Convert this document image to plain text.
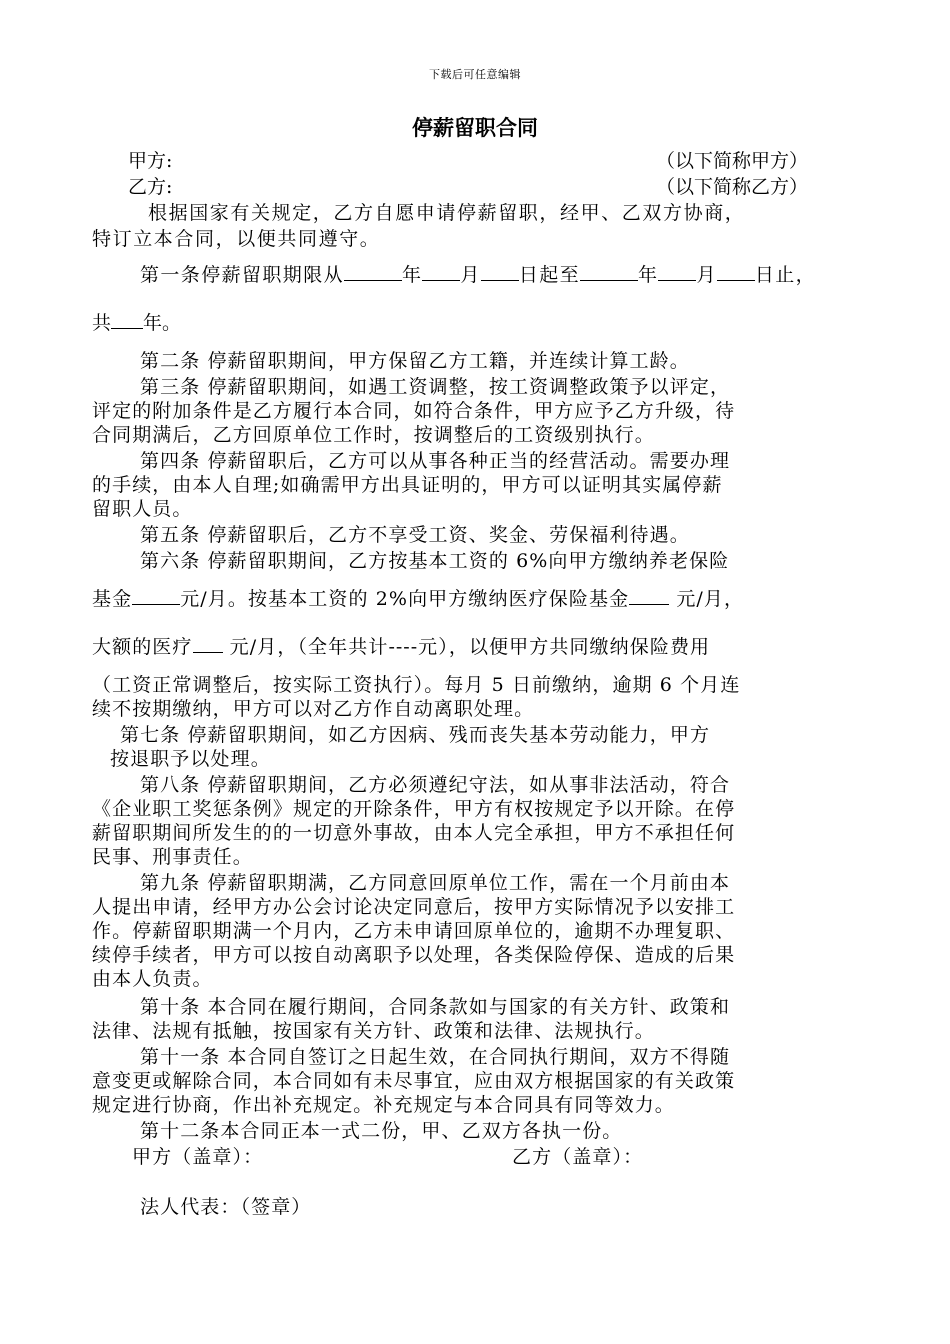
下载后可任意编辑
停薪留职合同
甲方:	（以下简称甲方）
乙方:	（以下简称乙方）
根据国家有关规定，乙方自愿申请停薪留职，经甲、乙双方协商，
特订立本合同，以便共同遵守。
第一条停薪留职期限从	年 月 日起至	年 月 日止，
共 年。
第二条 停薪留职期间，甲方保留乙方工籍，并连续计算工龄。
第三条 停薪留职期间，如遇工资调整，按工资调整政策予以评定，
评定的附加条件是乙方履行本合同，如符合条件，甲方应予乙方升级，待
合同期满后，乙方回原单位工作时，按调整后的工资级别执行。
第四条 停薪留职后，乙方可以从事各种正当的经营活动。需要办理
的手续，由本人自理;如确需甲方出具证明的，甲方可以证明其实属停薪
留职人员。
第五条 停薪留职后，乙方不享受工资、奖金、劳保福利待遇。
第六条 停薪留职期间，乙方按基本工资的 6%向甲方缴纳养老保险
基金	元/月。按基本工资的 2%向甲方缴纳医疗保险基金 元/月，
大额的医疗 元/月，（全年共计----元），以便甲方共同缴纳保险费用
（工资正常调整后，按实际工资执行）。每月 5 日前缴纳，逾期 6 个月连
续不按期缴纳，甲方可以对乙方作自动离职处理。
第七条 停薪留职期间，如乙方因病、残而丧失基本劳动能力，甲方
按退职予以处理。
第八条 停薪留职期间，乙方必须遵纪守法，如从事非法活动，符合
《企业职工奖惩条例》规定的开除条件，甲方有权按规定予以开除。在停
薪留职期间所发生的的一切意外事故，由本人完全承担，甲方不承担任何
民事、刑事责任。
第九条 停薪留职期满，乙方同意回原单位工作，需在一个月前由本
人提出申请，经甲方办公会讨论决定同意后，按甲方实际情况予以安排工
作。停薪留职期满一个月内，乙方未申请回原单位的，逾期不办理复职、
续停手续者，甲方可以按自动离职予以处理，各类保险停保、造成的后果
由本人负责。
第十条 本合同在履行期间，合同条款如与国家的有关方针、政策和
法律、法规有抵触，按国家有关方针、政策和法律、法规执行。
第十一条 本合同自签订之日起生效，在合同执行期间，双方不得随
意变更或解除合同，本合同如有未尽事宜，应由双方根据国家的有关政策
规定进行协商，作出补充规定。补充规定与本合同具有同等效力。
第十二条本合同正本一式二份，甲、乙双方各执一份。
甲方（盖章）：	乙方（盖章）：
法人代表：（签章）
